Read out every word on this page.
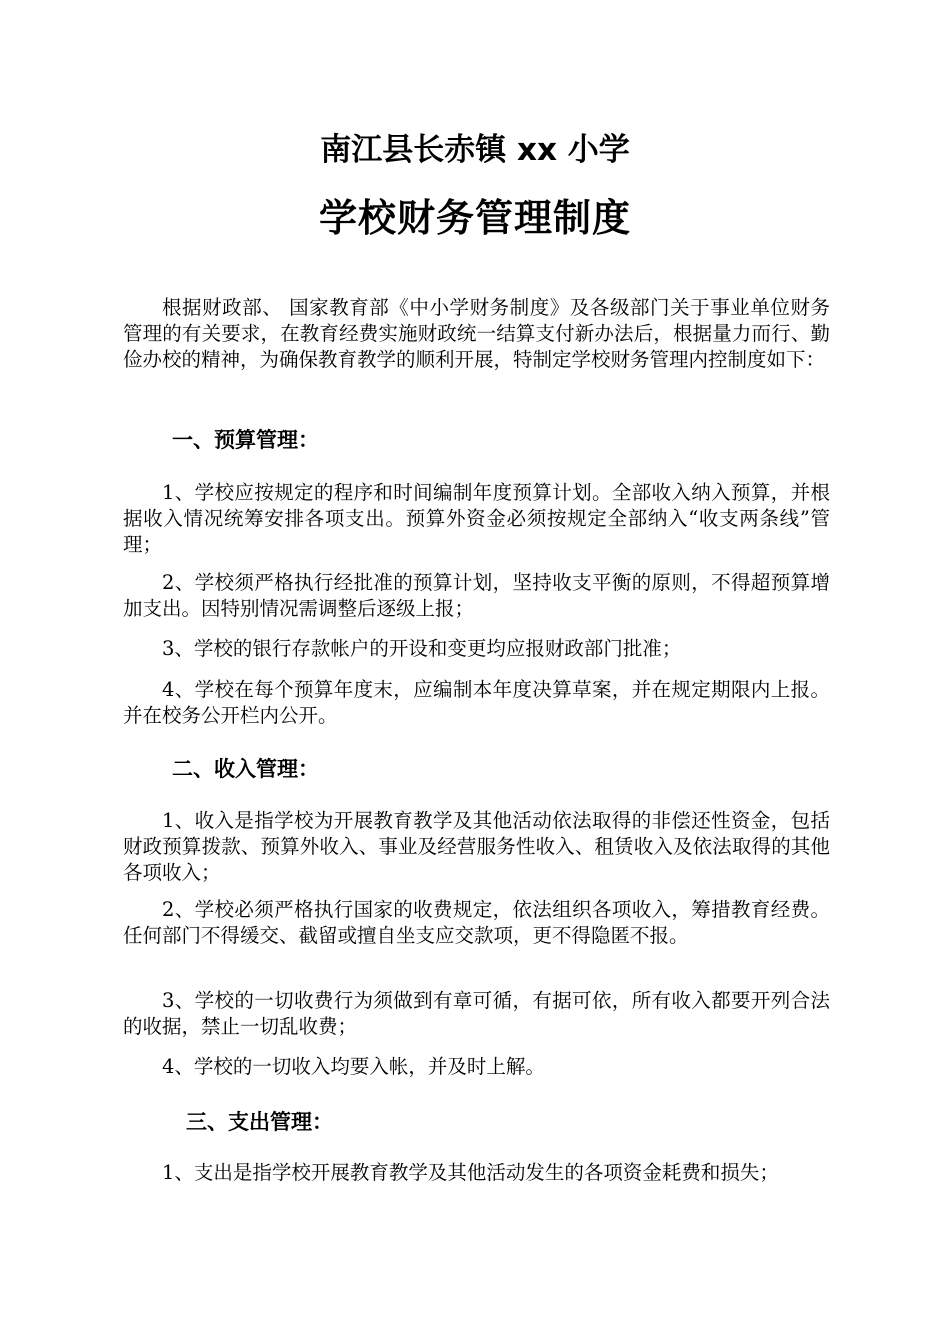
南江县长赤镇 xx 小学
学校财务管理制度

根据财政部、 国家教育部《中小学财务制度》及各级部门关于事业单位财务管理的有关要求，在教育经费实施财政统一结算支付新办法后，根据量力而行、勤俭办校的精神，为确保教育教学的顺利开展，特制定学校财务管理内控制度如下：

一、预算管理：

1、学校应按规定的程序和时间编制年度预算计划。全部收入纳入预算，并根据收入情况统筹安排各项支出。预算外资金必须按规定全部纳入“收支两条线”管理；

2、学校须严格执行经批准的预算计划，坚持收支平衡的原则，不得超预算增加支出。因特别情况需调整后逐级上报；

3、学校的银行存款帐户的开设和变更均应报财政部门批准；

4、学校在每个预算年度末，应编制本年度决算草案，并在规定期限内上报。并在校务公开栏内公开。

二、收入管理：

1、收入是指学校为开展教育教学及其他活动依法取得的非偿还性资金，包括财政预算拨款、预算外收入、事业及经营服务性收入、租赁收入及依法取得的其他各项收入；

2、学校必须严格执行国家的收费规定，依法组织各项收入，筹措教育经费。任何部门不得缓交、截留或擅自坐支应交款项，更不得隐匿不报。

3、学校的一切收费行为须做到有章可循，有据可依，所有收入都要开列合法的收据，禁止一切乱收费；

4、学校的一切收入均要入帐，并及时上解。

三、支出管理：

1、支出是指学校开展教育教学及其他活动发生的各项资金耗费和损失；
